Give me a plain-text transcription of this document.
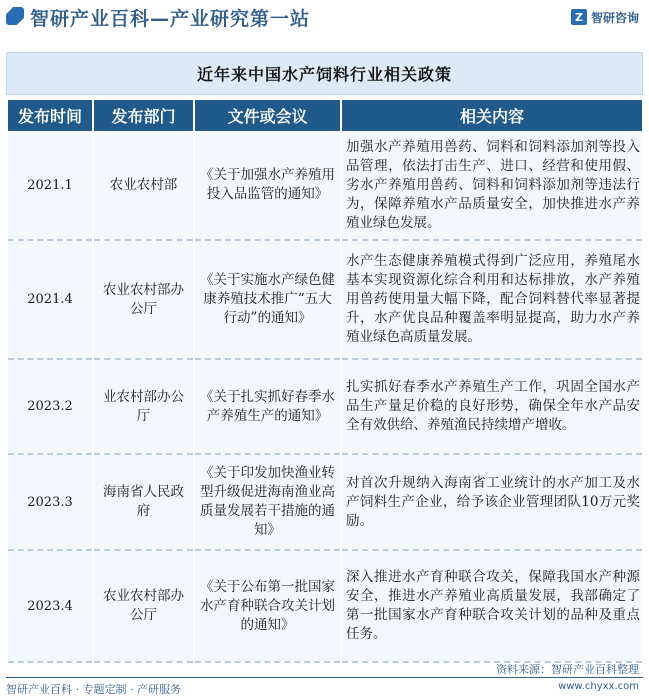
智研产业百科—产业研究第一站	Z 智研咨询
近年来中国水产饲料行业相关政策
发布时间	发布部门	文件或会议	相关内容
2021.1	农业农村部	《关于加强水产养殖用投入品监管的通知》	加强水产养殖用兽药、饲料和饲料添加剂等投入品管理，依法打击生产、进口、经营和使用假、劣水产养殖用兽药、饲料和饲料添加剂等违法行为，保障养殖水产品质量安全，加快推进水产养殖业绿色发展。
2021.4	农业农村部办公厅	《关于实施水产绿色健康养殖技术推广“五大行动”的通知》	水产生态健康养殖模式得到广泛应用，养殖尾水基本实现资源化综合利用和达标排放，水产养殖用兽药使用量大幅下降，配合饲料替代率显著提升，水产优良品种覆盖率明显提高，助力水产养殖业绿色高质量发展。
2023.2	业农村部办公厅	《关于扎实抓好春季水产养殖生产的通知》	扎实抓好春季水产养殖生产工作，巩固全国水产品生产量足价稳的良好形势，确保全年水产品安全有效供给、养殖渔民持续增产增收。
2023.3	海南省人民政府	《关于印发加快渔业转型升级促进海南渔业高质量发展若干措施的通知》	对首次升规纳入海南省工业统计的水产加工及水产饲料生产企业，给予该企业管理团队10万元奖励。
2023.4	农业农村部办公厅	《关于公布第一批国家水产育种联合攻关计划的通知》	深入推进水产育种联合攻关，保障我国水产种源安全，推进水产养殖业高质量发展，我部确定了第一批国家水产育种联合攻关计划的品种及重点任务。
资料来源：智研产业百科整理
智研产业百科 · 专题定制 · 产研服务	www.chyxx.com
